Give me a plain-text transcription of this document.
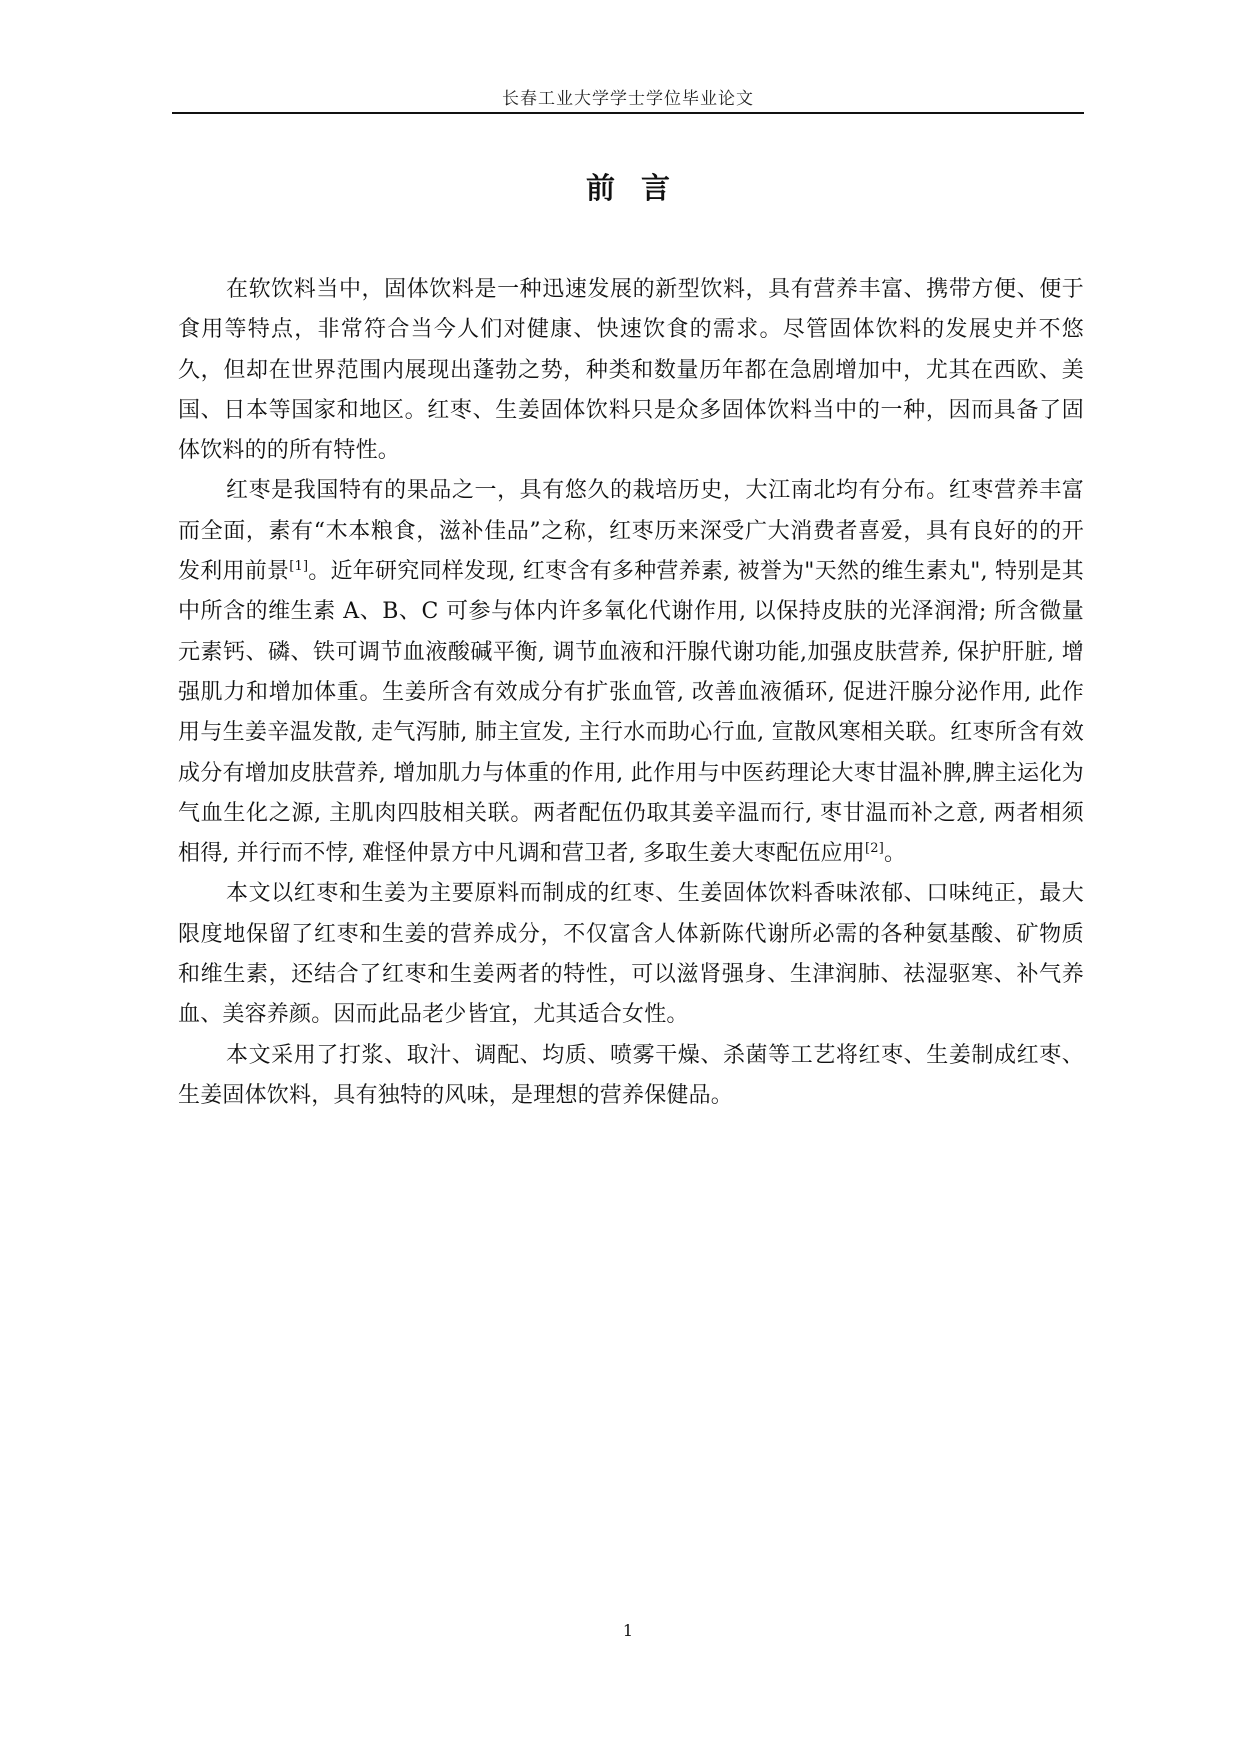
长春工业大学学士学位毕业论文
前言

在软饮料当中，固体饮料是一种迅速发展的新型饮料，具有营养丰富、携带方便、便于食用等特点，非常符合当今人们对健康、快速饮食的需求。尽管固体饮料的发展史并不悠久，但却在世界范围内展现出蓬勃之势，种类和数量历年都在急剧增加中，尤其在西欧、美国、日本等国家和地区。红枣、生姜固体饮料只是众多固体饮料当中的一种，因而具备了固体饮料的的所有特性。

红枣是我国特有的果品之一，具有悠久的栽培历史，大江南北均有分布。红枣营养丰富而全面，素有“木本粮食，滋补佳品”之称，红枣历来深受广大消费者喜爱，具有良好的的开发利用前景[1]。近年研究同样发现, 红枣含有多种营养素, 被誉为"天然的维生素丸", 特别是其中所含的维生素 A、B、C 可参与体内许多氧化代谢作用, 以保持皮肤的光泽润滑; 所含微量元素钙、磷、铁可调节血液酸碱平衡, 调节血液和汗腺代谢功能,加强皮肤营养, 保护肝脏, 增强肌力和增加体重。生姜所含有效成分有扩张血管, 改善血液循环, 促进汗腺分泌作用, 此作用与生姜辛温发散, 走气泻肺, 肺主宣发, 主行水而助心行血, 宣散风寒相关联。红枣所含有效成分有增加皮肤营养, 增加肌力与体重的作用, 此作用与中医药理论大枣甘温补脾,脾主运化为气血生化之源, 主肌肉四肢相关联。两者配伍仍取其姜辛温而行, 枣甘温而补之意, 两者相须相得, 并行而不悖, 难怪仲景方中凡调和营卫者, 多取生姜大枣配伍应用[2]。

本文以红枣和生姜为主要原料而制成的红枣、生姜固体饮料香味浓郁、口味纯正，最大限度地保留了红枣和生姜的营养成分，不仅富含人体新陈代谢所必需的各种氨基酸、矿物质和维生素，还结合了红枣和生姜两者的特性，可以滋肾强身、生津润肺、祛湿驱寒、补气养血、美容养颜。因而此品老少皆宜，尤其适合女性。

本文采用了打浆、取汁、调配、均质、喷雾干燥、杀菌等工艺将红枣、生姜制成红枣、生姜固体饮料，具有独特的风味，是理想的营养保健品。

1
